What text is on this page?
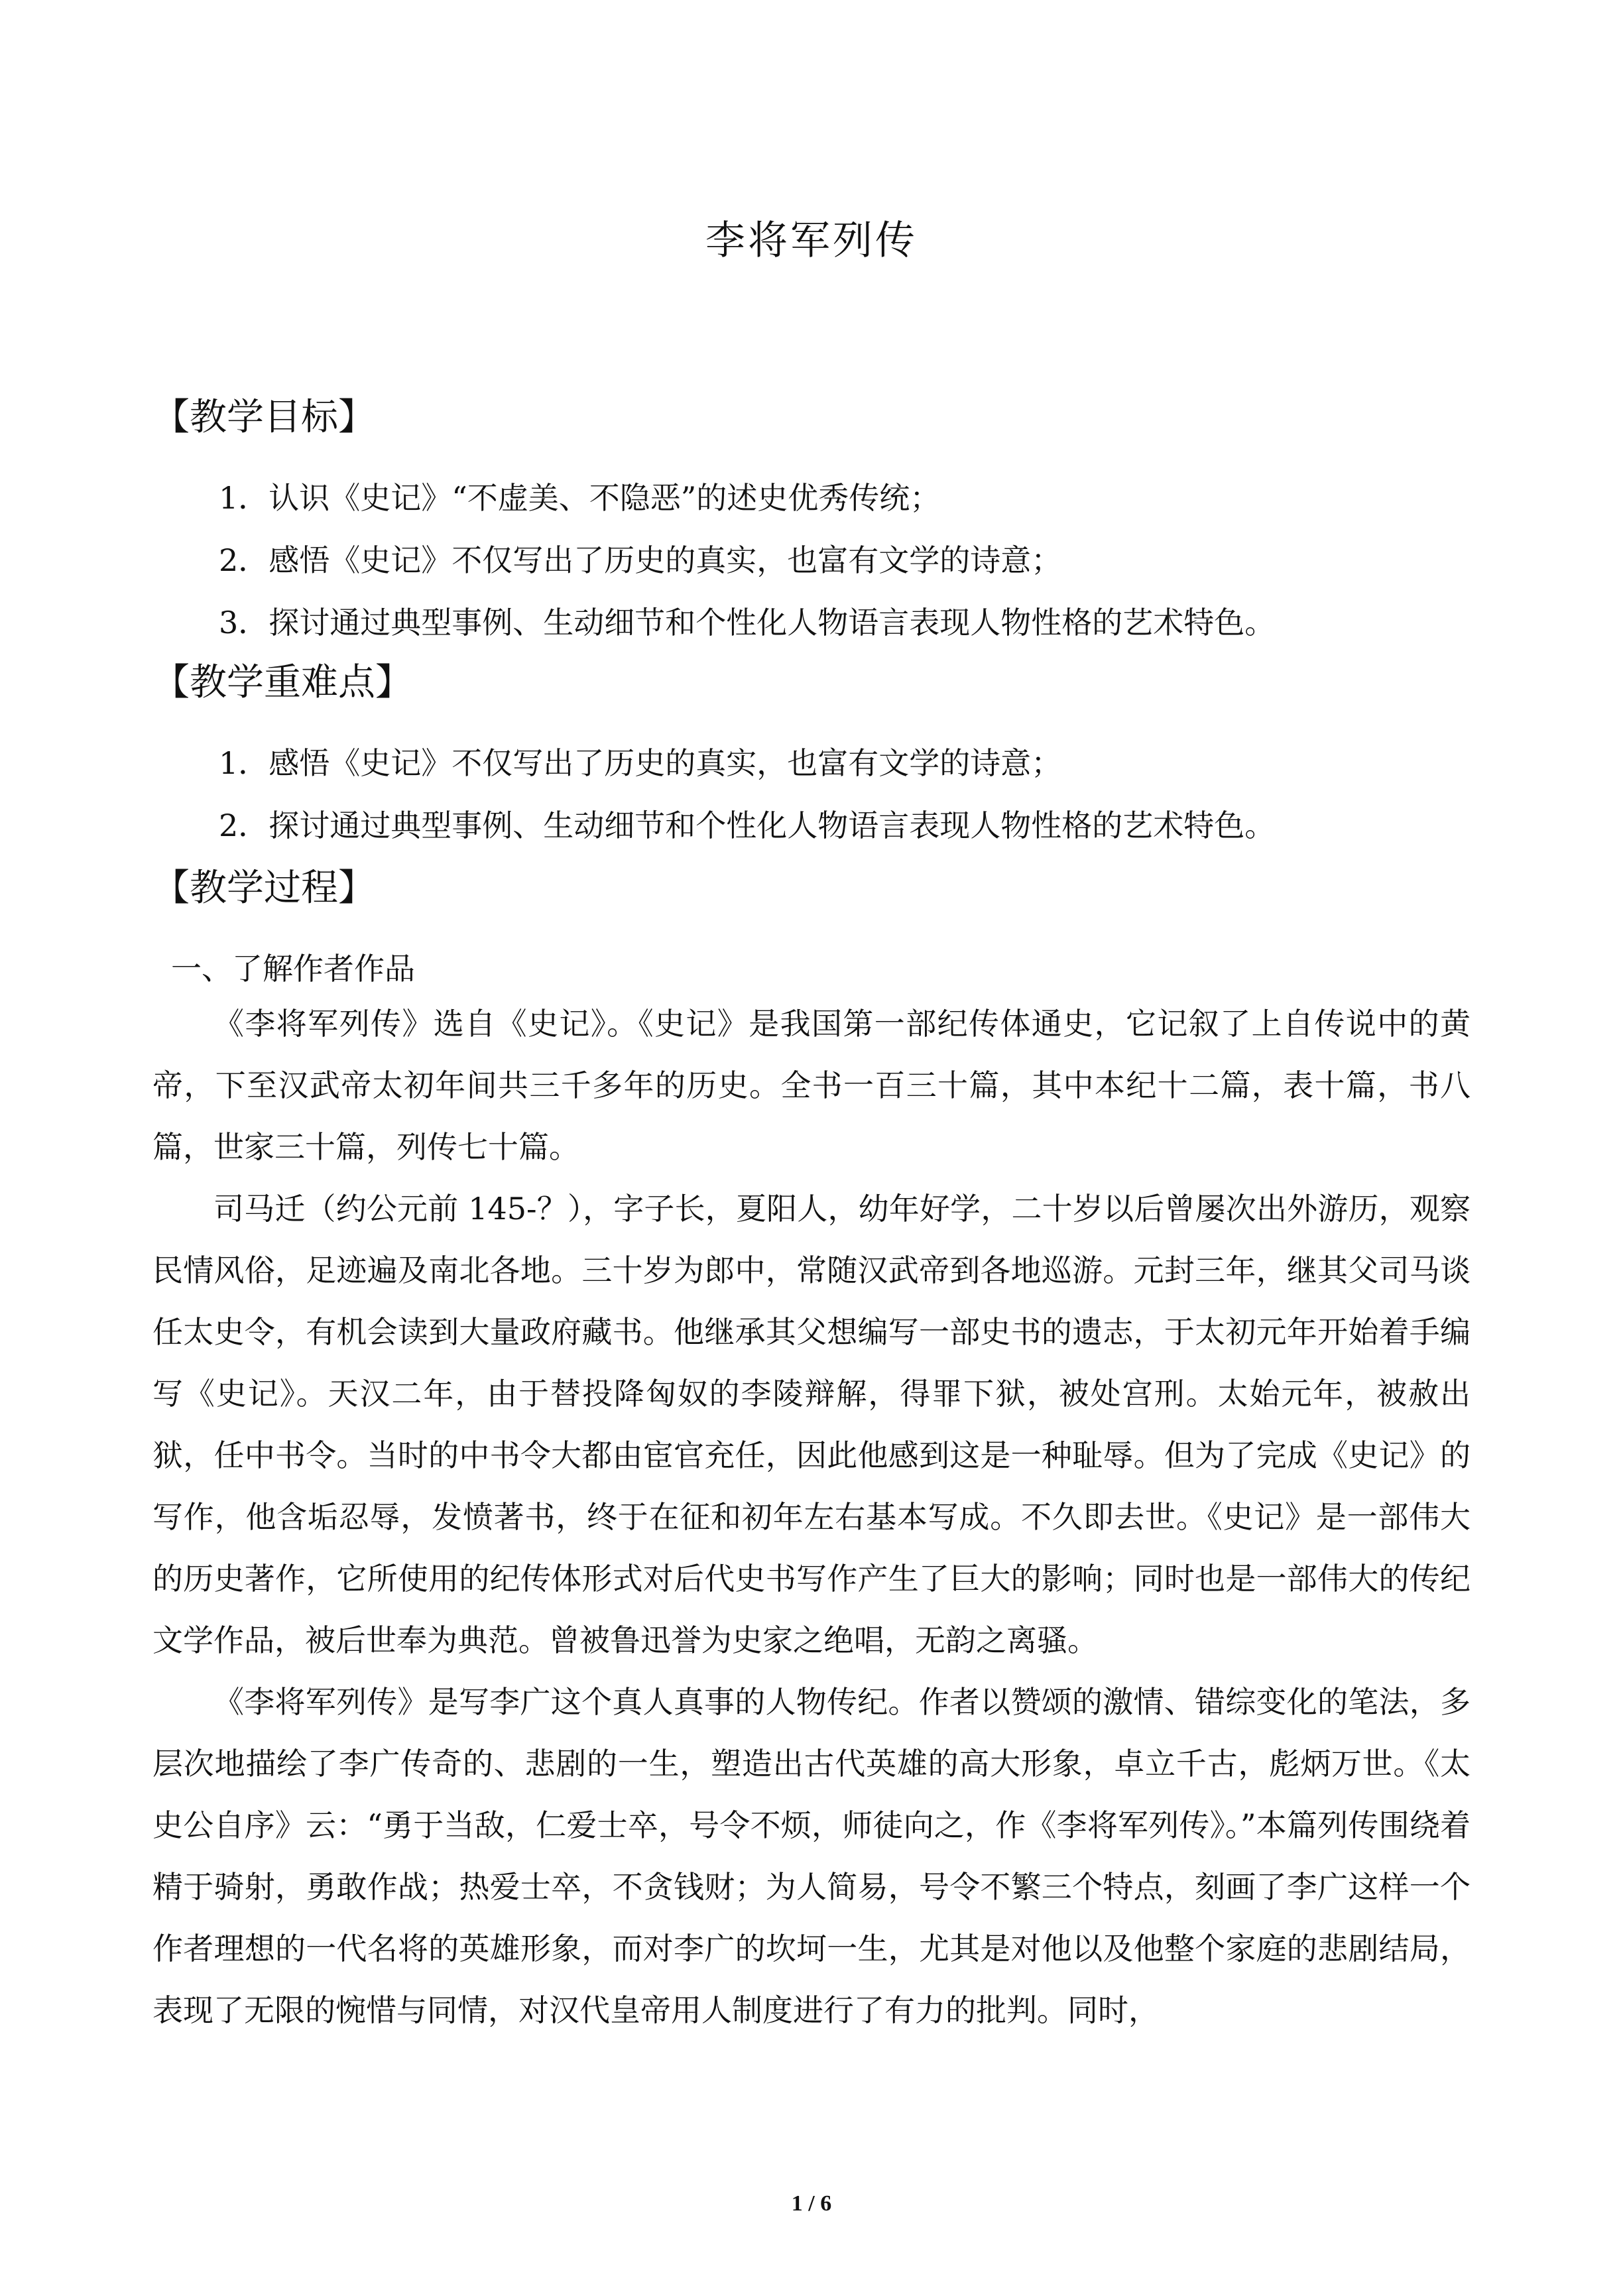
李将军列传
【教学目标】

1．认识《史记》“不虚美、不隐恶”的述史优秀传统；

2．感悟《史记》不仅写出了历史的真实，也富有文学的诗意；

3．探讨通过典型事例、生动细节和个性化人物语言表现人物性格的艺术特色。

【教学重难点】

1．感悟《史记》不仅写出了历史的真实，也富有文学的诗意；

2．探讨通过典型事例、生动细节和个性化人物语言表现人物性格的艺术特色。

【教学过程】

一、了解作者作品

《李将军列传》选自《史记》。《史记》是我国第一部纪传体通史，它记叙了上自传说中的黄帝，下至汉武帝太初年间共三千多年的历史。全书一百三十篇，其中本纪十二篇，表十篇，书八篇，世家三十篇，列传七十篇。

司马迁（约公元前 145-？），字子长，夏阳人，幼年好学，二十岁以后曾屡次出外游历，观察民情风俗，足迹遍及南北各地。三十岁为郎中，常随汉武帝到各地巡游。元封三年，继其父司马谈任太史令，有机会读到大量政府藏书。他继承其父想编写一部史书的遗志，于太初元年开始着手编写《史记》。天汉二年，由于替投降匈奴的李陵辩解，得罪下狱，被处宫刑。太始元年，被赦出狱，任中书令。当时的中书令大都由宦官充任，因此他感到这是一种耻辱。但为了完成《史记》的写作，他含垢忍辱，发愤著书，终于在征和初年左右基本写成。不久即去世。《史记》是一部伟大的历史著作，它所使用的纪传体形式对后代史书写作产生了巨大的影响；同时也是一部伟大的传纪文学作品，被后世奉为典范。曾被鲁迅誉为史家之绝唱，无韵之离骚。

《李将军列传》是写李广这个真人真事的人物传纪。作者以赞颂的激情、错综变化的笔法，多层次地描绘了李广传奇的、悲剧的一生，塑造出古代英雄的高大形象，卓立千古，彪炳万世。《太史公自序》云：“勇于当敌，仁爱士卒，号令不烦，师徒向之，作《李将军列传》。”本篇列传围绕着精于骑射，勇敢作战；热爱士卒，不贪钱财；为人简易，号令不繁三个特点，刻画了李广这样一个作者理想的一代名将的英雄形象，而对李广的坎坷一生，尤其是对他以及他整个家庭的悲剧结局，表现了无限的惋惜与同情，对汉代皇帝用人制度进行了有力的批判。同时，

1 / 6
